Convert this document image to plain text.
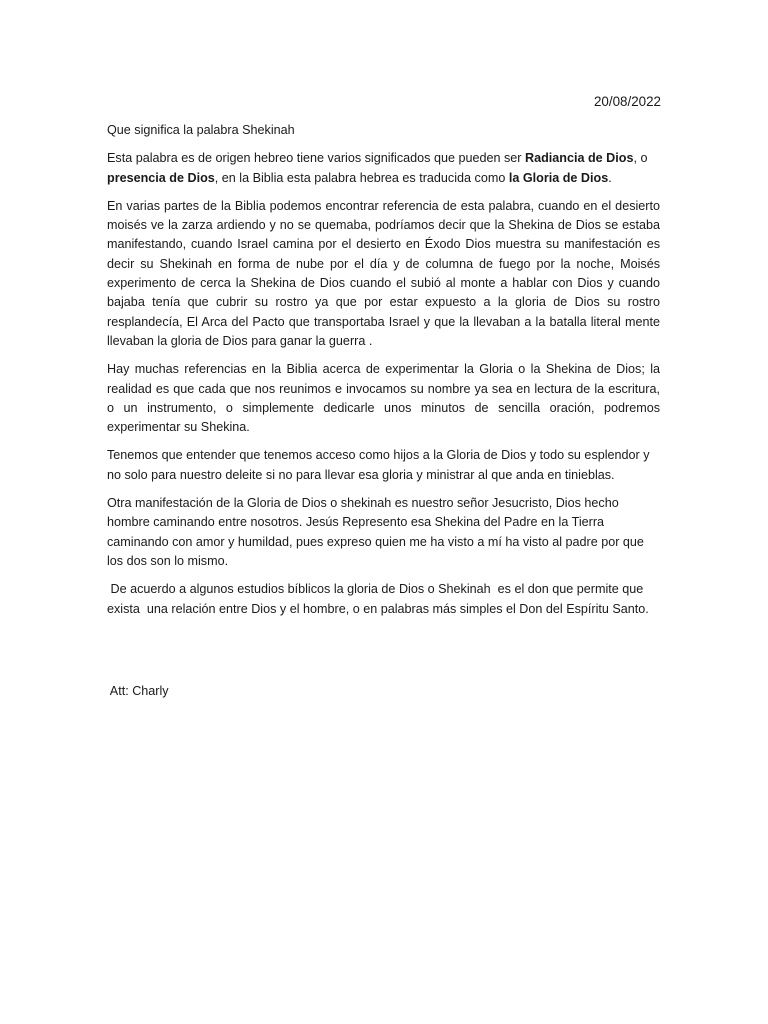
20/08/2022

Que significa la palabra Shekinah

Esta palabra es de origen hebreo tiene varios significados que pueden ser Radiancia de Dios, o presencia de Dios, en la Biblia esta palabra hebrea es traducida como la Gloria de Dios.

En varias partes de la Biblia podemos encontrar referencia de esta palabra, cuando en el desierto moisés ve la zarza ardiendo y no se quemaba, podríamos decir que la Shekina de Dios se estaba manifestando, cuando Israel camina por el desierto en Éxodo Dios muestra su manifestación es decir su Shekinah en forma de nube por el día y de columna de fuego por la noche, Moisés experimento de cerca la Shekina de Dios cuando el subió al monte a hablar con Dios y cuando bajaba tenía que cubrir su rostro ya que por estar expuesto a la gloria de Dios su rostro resplandecía, El Arca del Pacto que transportaba Israel y que la llevaban a la batalla literal mente llevaban la gloria de Dios para ganar la guerra .

Hay muchas referencias en la Biblia acerca de experimentar la Gloria o la Shekina de Dios; la realidad es que cada que nos reunimos e invocamos su nombre ya sea en lectura de la escritura, o un instrumento, o simplemente dedicarle unos minutos de sencilla oración, podremos experimentar su Shekina.

Tenemos que entender que tenemos acceso como hijos a la Gloria de Dios y todo su esplendor y no solo para nuestro deleite si no para llevar esa gloria y ministrar al que anda en tinieblas.

Otra manifestación de la Gloria de Dios o shekinah es nuestro señor Jesucristo, Dios hecho hombre caminando entre nosotros. Jesús Represento esa Shekina del Padre en la Tierra caminando con amor y humildad, pues expreso quien me ha visto a mí ha visto al padre por que los dos son lo mismo.

De acuerdo a algunos estudios bíblicos la gloria de Dios o Shekinah  es el don que permite que exista  una relación entre Dios y el hombre, o en palabras más simples el Don del Espíritu Santo.

Att: Charly
